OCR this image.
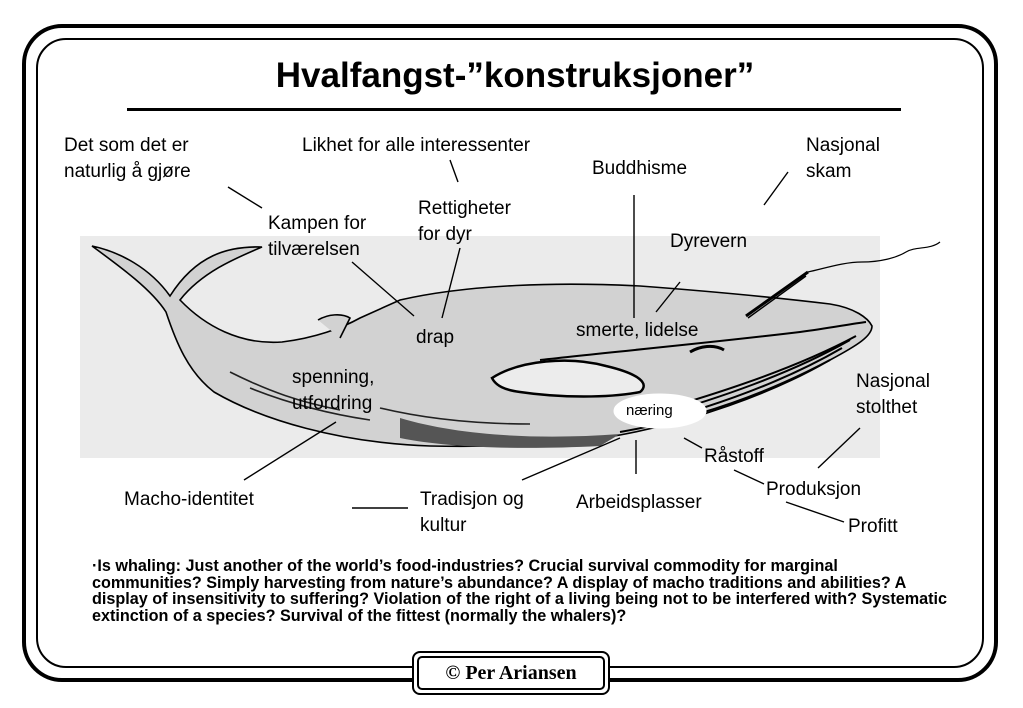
Hvalfangst-”konstruksjoner”
Det som det er
naturlig å gjøre
Likhet for alle interessenter	Nasjonal
skam
Buddhisme
Kampen for
tilværelsen
Rettigheter
for dyr	Dyrevern
drap	smerte, lidelse
spenning,
utfordring	næring
Nasjonal
stolthet
Råstoff
Produksjon
Profitt
Macho-identitet	Tradisjon og
kultur
Arbeidsplasser
·Is whaling: Just another of the world’s food-industries? Crucial survival commodity for marginal communities? Simply harvesting from nature’s abundance? A display of macho traditions and abilities? A display of insensitivity to suffering? Violation of the right of a living being not to be interfered with? Systematic extinction of a species? Survival of the fittest (normally the whalers)?
© Per Ariansen
